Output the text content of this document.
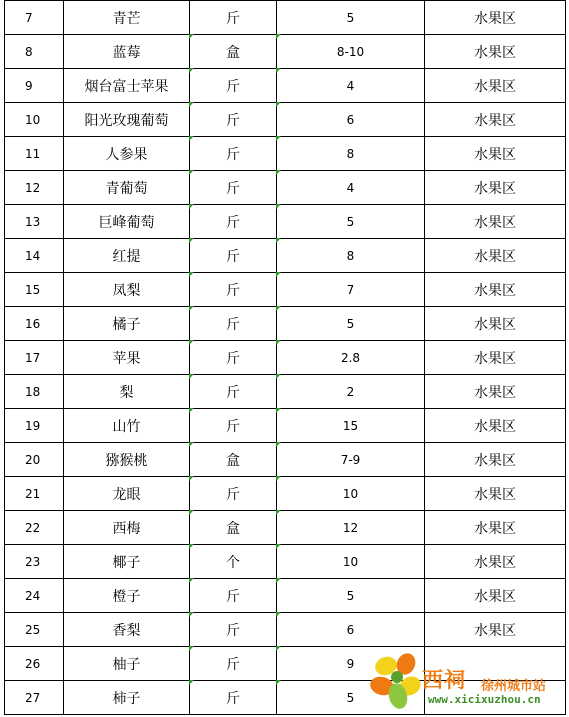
7	青芒	斤	5	水果区
8	蓝莓	盒	8-10	水果区
9	烟台富士苹果	斤	4	水果区
10	阳光玫瑰葡萄	斤	6	水果区
11	人参果	斤	8	水果区
12	青葡萄	斤	4	水果区
13	巨峰葡萄	斤	5	水果区
14	红提	斤	8	水果区
15	凤梨	斤	7	水果区
16	橘子	斤	5	水果区
17	苹果	斤	2.8	水果区
18	梨	斤	2	水果区
19	山竹	斤	15	水果区
20	猕猴桃	盒	7-9	水果区
21	龙眼	斤	10	水果区
22	西梅	盒	12	水果区
23	椰子	个	10	水果区
24	橙子	斤	5	水果区
25	香梨	斤	6	水果区
26	柚子	斤	9	
27	柿子	斤	5	
西祠 徐州城市站
www.xicixuzhou.cn
